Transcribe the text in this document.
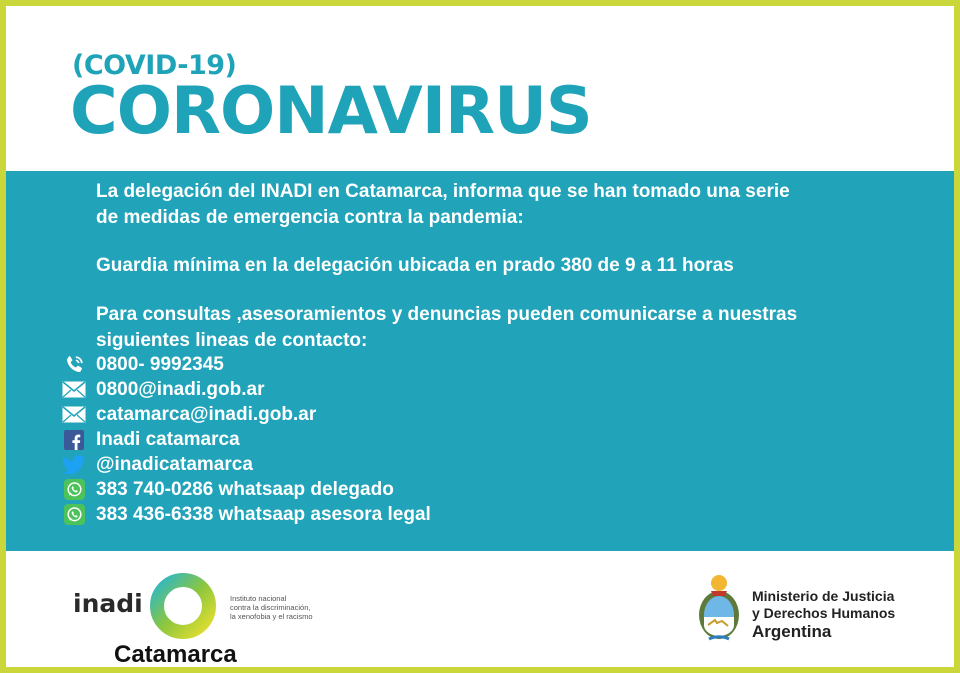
(COVID-19)
CORONAVIRUS

La delegación del INADI en Catamarca, informa que se han tomado una serie
de medidas de emergencia contra la pandemia:

Guardia mínima en la delegación ubicada en prado 380 de 9 a 11 horas

Para consultas ,asesoramientos y denuncias pueden comunicarse a nuestras
siguientes lineas de contacto:

0800- 9992345
0800@inadi.gob.ar
catamarca@inadi.gob.ar
Inadi catamarca
@inadicatamarca
383 740-0286 whatsaap delegado
383 436-6338 whatsaap asesora legal
inadi	Instituto nacional
contra la discriminación,
la xenofobia y el racismo
Catamarca
Ministerio de Justicia
y Derechos Humanos
Argentina
